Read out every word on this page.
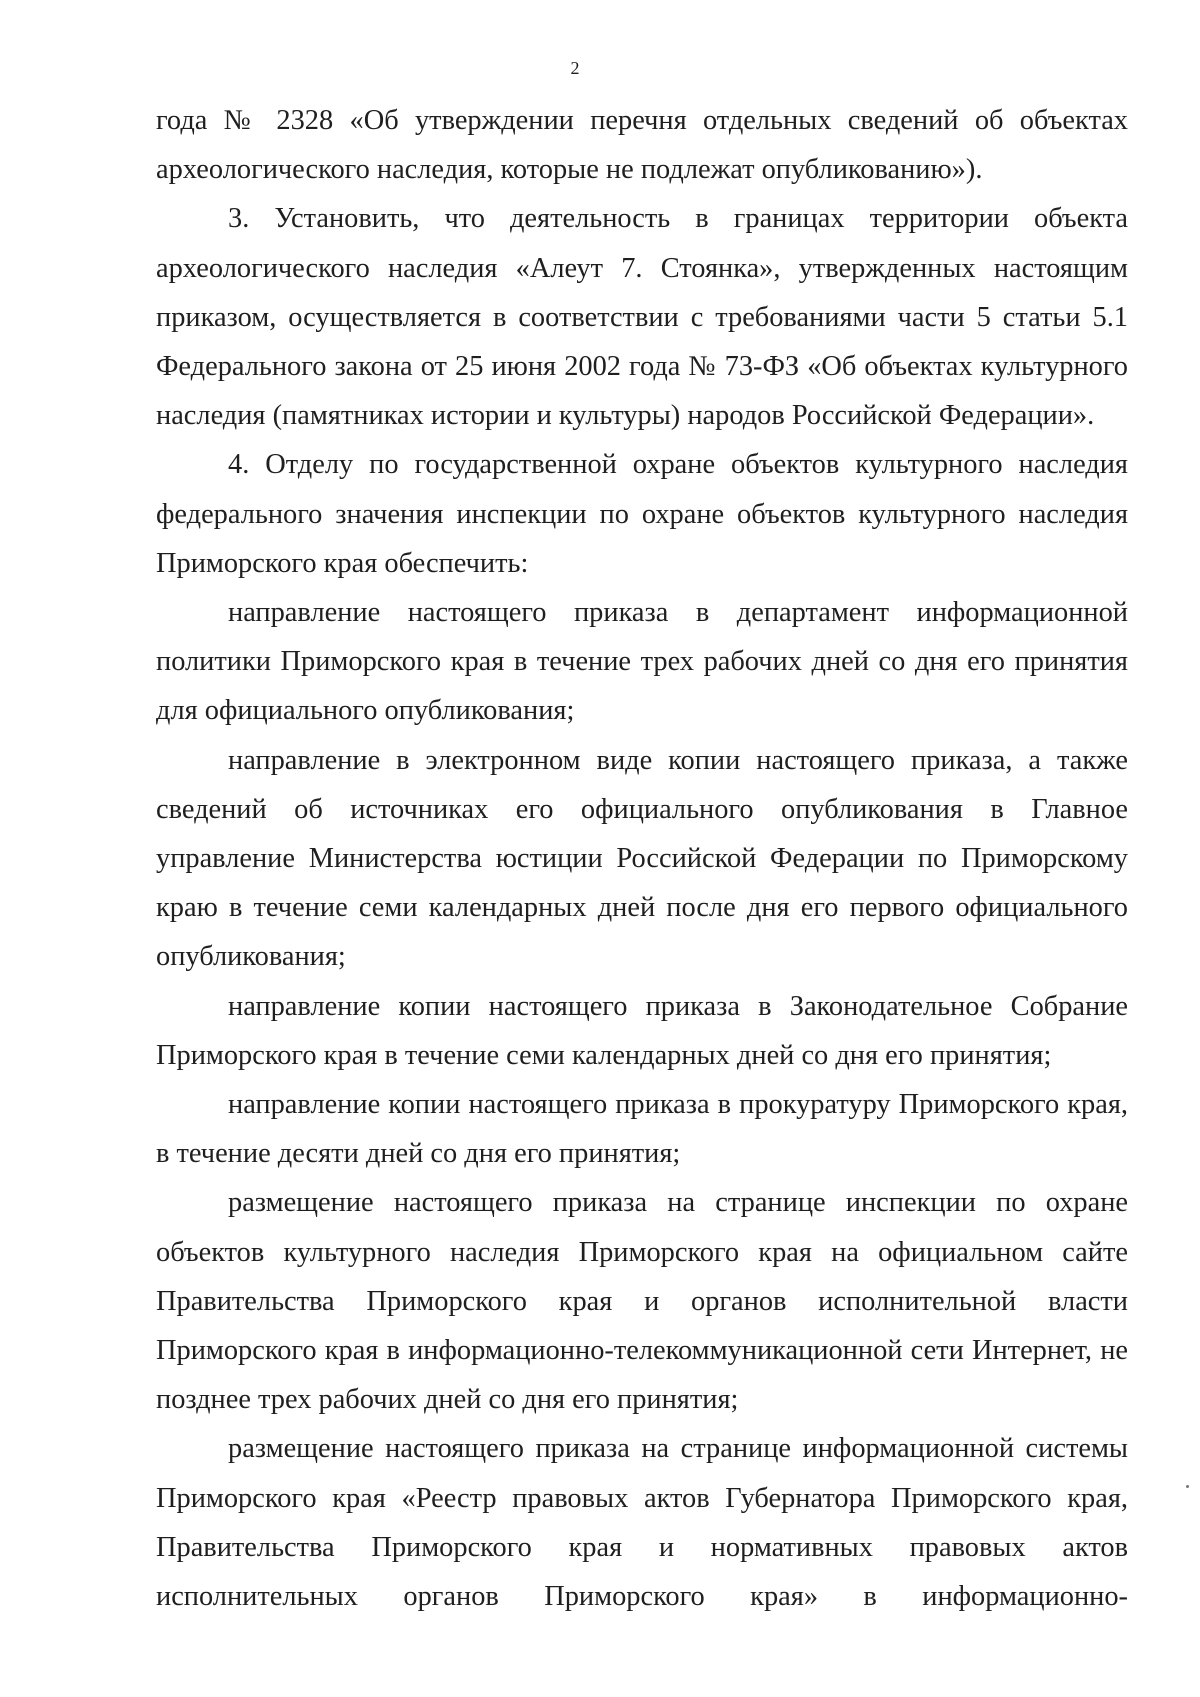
2

года № 2328 «Об утверждении перечня отдельных сведений об объектах археологического наследия, которые не подлежат опубликованию»).

3. Установить, что деятельность в границах территории объекта археологического наследия «Алеут 7. Стоянка», утвержденных настоящим приказом, осуществляется в соответствии с требованиями части 5 статьи 5.1 Федерального закона от 25 июня 2002 года № 73-ФЗ «Об объектах культурного наследия (памятниках истории и культуры) народов Российской Федерации».

4. Отделу по государственной охране объектов культурного наследия федерального значения инспекции по охране объектов культурного наследия Приморского края обеспечить:

направление настоящего приказа в департамент информационной политики Приморского края в течение трех рабочих дней со дня его принятия для официального опубликования;

направление в электронном виде копии настоящего приказа, а также сведений об источниках его официального опубликования в Главное управление Министерства юстиции Российской Федерации по Приморскому краю в течение семи календарных дней после дня его первого официального опубликования;

направление копии настоящего приказа в Законодательное Собрание Приморского края в течение семи календарных дней со дня его принятия;

направление копии настоящего приказа в прокуратуру Приморского края, в течение десяти дней со дня его принятия;

размещение настоящего приказа на странице инспекции по охране объектов культурного наследия Приморского края на официальном сайте Правительства Приморского края и органов исполнительной власти Приморского края в информационно-телекоммуникационной сети Интернет, не позднее трех рабочих дней со дня его принятия;

размещение настоящего приказа на странице информационной системы Приморского края «Реестр правовых актов Губернатора Приморского края, Правительства Приморского края и нормативных правовых актов исполнительных органов Приморского края» в информационно-
